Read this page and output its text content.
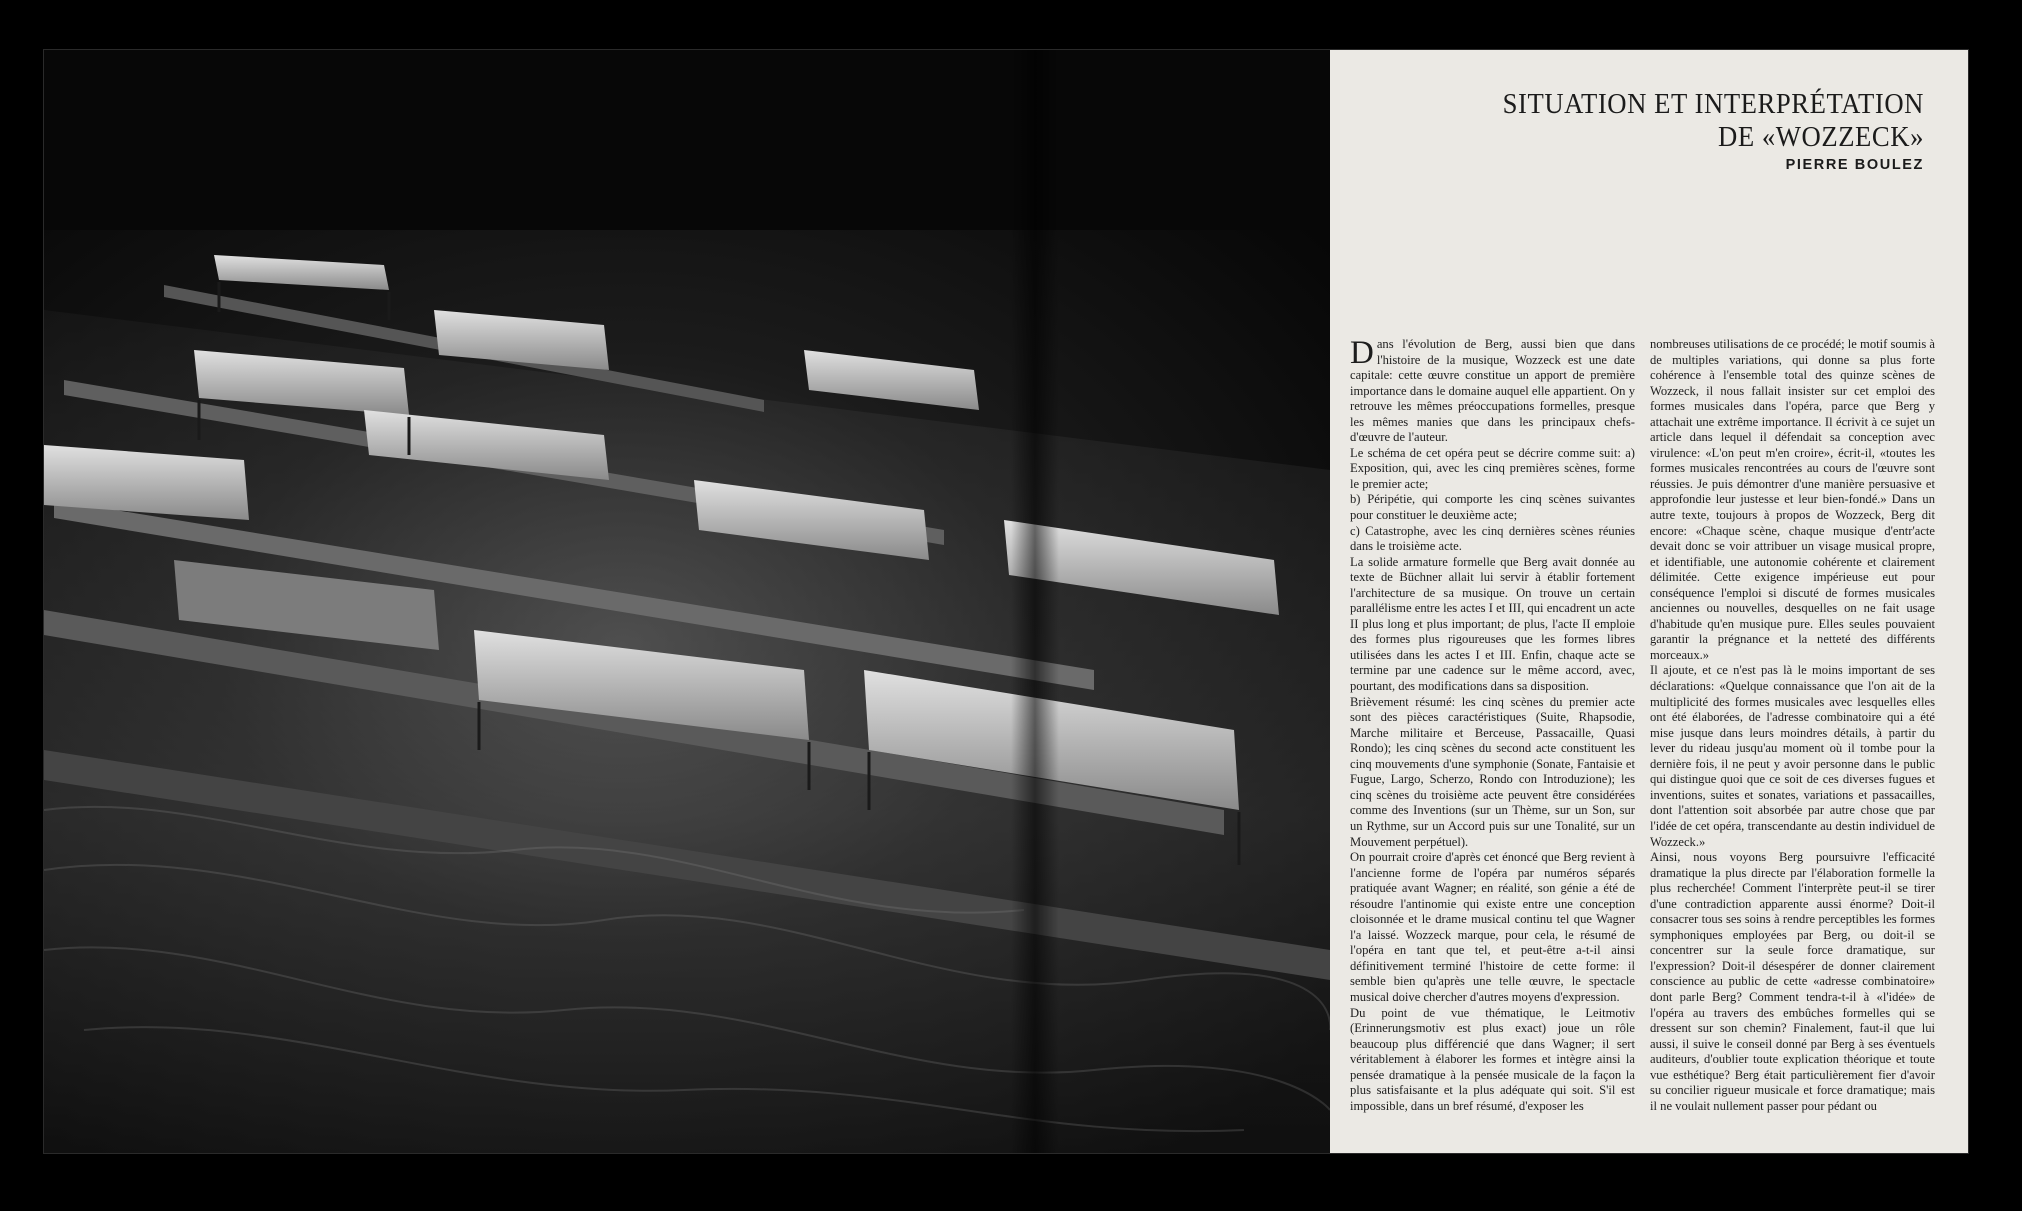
SITUATION ET INTERPRÉTATION
DE «WOZZECK»
PIERRE BOULEZ

Dans l'évolution de Berg, aussi bien que dans l'histoire de la musique, Wozzeck est une date capitale: cette œuvre constitue un apport de première importance dans le domaine auquel elle appartient. On y retrouve les mêmes préoccupations formelles, presque les mêmes manies que dans les principaux chefs-d'œuvre de l'auteur.

Le schéma de cet opéra peut se décrire comme suit: a) Exposition, qui, avec les cinq premières scènes, forme le premier acte;

b) Péripétie, qui comporte les cinq scènes suivantes pour constituer le deuxième acte;

c) Catastrophe, avec les cinq dernières scènes réunies dans le troisième acte.

La solide armature formelle que Berg avait donnée au texte de Büchner allait lui servir à établir fortement l'architecture de sa musique. On trouve un certain parallélisme entre les actes I et III, qui encadrent un acte II plus long et plus important; de plus, l'acte II emploie des formes plus rigoureuses que les formes libres utilisées dans les actes I et III. Enfin, chaque acte se termine par une cadence sur le même accord, avec, pourtant, des modifications dans sa disposition.

Brièvement résumé: les cinq scènes du premier acte sont des pièces caractéristiques (Suite, Rhapsodie, Marche militaire et Berceuse, Passacaille, Quasi Rondo); les cinq scènes du second acte constituent les cinq mouvements d'une symphonie (Sonate, Fantaisie et Fugue, Largo, Scherzo, Rondo con Introduzione); les cinq scènes du troisième acte peuvent être considérées comme des Inventions (sur un Thème, sur un Son, sur un Rythme, sur un Accord puis sur une Tonalité, sur un Mouvement perpétuel).

On pourrait croire d'après cet énoncé que Berg revient à l'ancienne forme de l'opéra par numéros séparés pratiquée avant Wagner; en réalité, son génie a été de résoudre l'antinomie qui existe entre une conception cloisonnée et le drame musical continu tel que Wagner l'a laissé. Wozzeck marque, pour cela, le résumé de l'opéra en tant que tel, et peut-être a-t-il ainsi définitivement terminé l'histoire de cette forme: il semble bien qu'après une telle œuvre, le spectacle musical doive chercher d'autres moyens d'expression.

Du point de vue thématique, le Leitmotiv (Erinnerungsmotiv est plus exact) joue un rôle beaucoup plus différencié que dans Wagner; il sert véritablement à élaborer les formes et intègre ainsi la pensée dramatique à la pensée musicale de la façon la plus satisfaisante et la plus adéquate qui soit. S'il est impossible, dans un bref résumé, d'exposer les

nombreuses utilisations de ce procédé; le motif soumis à de multiples variations, qui donne sa plus forte cohérence à l'ensemble total des quinze scènes de Wozzeck, il nous fallait insister sur cet emploi des formes musicales dans l'opéra, parce que Berg y attachait une extrême importance. Il écrivit à ce sujet un article dans lequel il défendait sa conception avec virulence: «L'on peut m'en croire», écrit-il, «toutes les formes musicales rencontrées au cours de l'œuvre sont réussies. Je puis démontrer d'une manière persuasive et approfondie leur justesse et leur bien-fondé.» Dans un autre texte, toujours à propos de Wozzeck, Berg dit encore: «Chaque scène, chaque musique d'entr'acte devait donc se voir attribuer un visage musical propre, et identifiable, une autonomie cohérente et clairement délimitée. Cette exigence impérieuse eut pour conséquence l'emploi si discuté de formes musicales anciennes ou nouvelles, desquelles on ne fait usage d'habitude qu'en musique pure. Elles seules pouvaient garantir la prégnance et la netteté des différents morceaux.»

Il ajoute, et ce n'est pas là le moins important de ses déclarations: «Quelque connaissance que l'on ait de la multiplicité des formes musicales avec lesquelles elles ont été élaborées, de l'adresse combinatoire qui a été mise jusque dans leurs moindres détails, à partir du lever du rideau jusqu'au moment où il tombe pour la dernière fois, il ne peut y avoir personne dans le public qui distingue quoi que ce soit de ces diverses fugues et inventions, suites et sonates, variations et passacailles, dont l'attention soit absorbée par autre chose que par l'idée de cet opéra, transcendante au destin individuel de Wozzeck.»

Ainsi, nous voyons Berg poursuivre l'efficacité dramatique la plus directe par l'élaboration formelle la plus recherchée! Comment l'interprète peut-il se tirer d'une contradiction apparente aussi énorme? Doit-il consacrer tous ses soins à rendre perceptibles les formes symphoniques employées par Berg, ou doit-il se concentrer sur la seule force dramatique, sur l'expression? Doit-il désespérer de donner clairement conscience au public de cette «adresse combinatoire» dont parle Berg? Comment tendra-t-il à «l'idée» de l'opéra au travers des embûches formelles qui se dressent sur son chemin? Finalement, faut-il que lui aussi, il suive le conseil donné par Berg à ses éventuels auditeurs, d'oublier toute explication théorique et toute vue esthétique? Berg était particulièrement fier d'avoir su concilier rigueur musicale et force dramatique; mais il ne voulait nullement passer pour pédant ou
